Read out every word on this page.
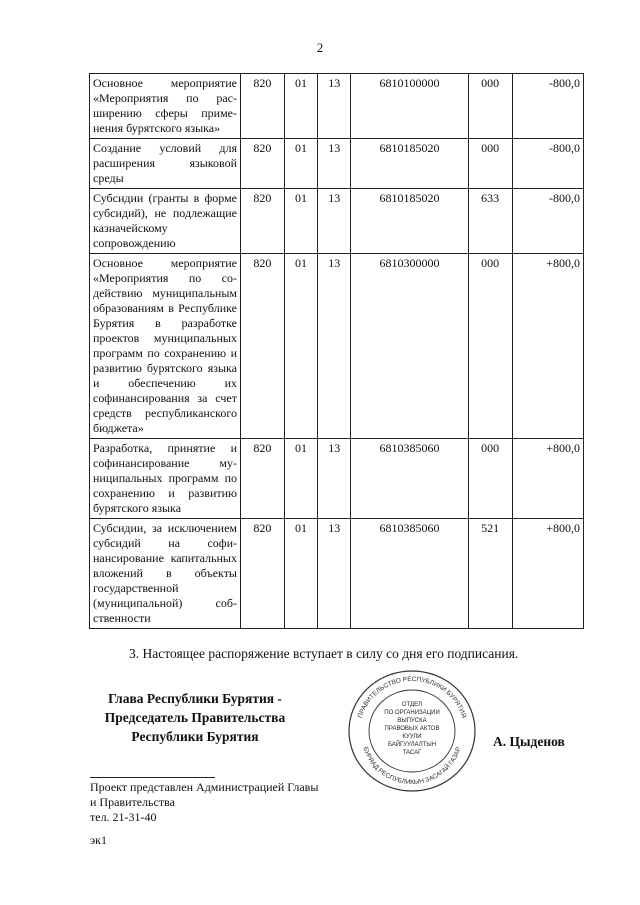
2
Основное мероприятие «Мероприятия по расширению сферы применения бурятского языка»	820	01	13	6810100000	000	-800,0
Создание условий для расширения языковой среды	820	01	13	6810185020	000	-800,0
Субсидии (гранты в форме субсидий), не подлежащие казначейскому сопровождению	820	01	13	6810185020	633	-800,0
Основное мероприятие «Мероприятия по содействию муниципальным образованиям в Республике Бурятия в разработке проектов муниципальных программ по сохранению и развитию бурятского языка и обеспечению их софинансирования за счет средств республиканского бюджета»	820	01	13	6810300000	000	+800,0
Разработка, принятие и софинансирование муниципальных программ по сохранению и развитию бурятского языка	820	01	13	6810385060	000	+800,0
Субсидии, за исключением субсидий на софинансирование капитальных вложений в объекты государственной (муниципальной) собственности	820	01	13	6810385060	521	+800,0
3. Настоящее распоряжение вступает в силу со дня его подписания.
Глава Республики Бурятия -
Председатель Правительства
Республики Бурятия
ПРАВИТЕЛЬСТВО РЕСПУБЛИКИ БУРЯТИЯ
БУРЯАД РЕСПУБЛИКЫН ЗАСАГАЙ ГАЗАР
ОТДЕЛ
ПО ОРГАНИЗАЦИИ
ВЫПУСКА
ПРАВОВЫХ АКТОВ
КУУЛИ
БАЙГУУЛАЛТЫН
ТАСАГ
А. Цыденов
Проект представлен Администрацией Главы
и Правительства
тел. 21-31-40
эк1
